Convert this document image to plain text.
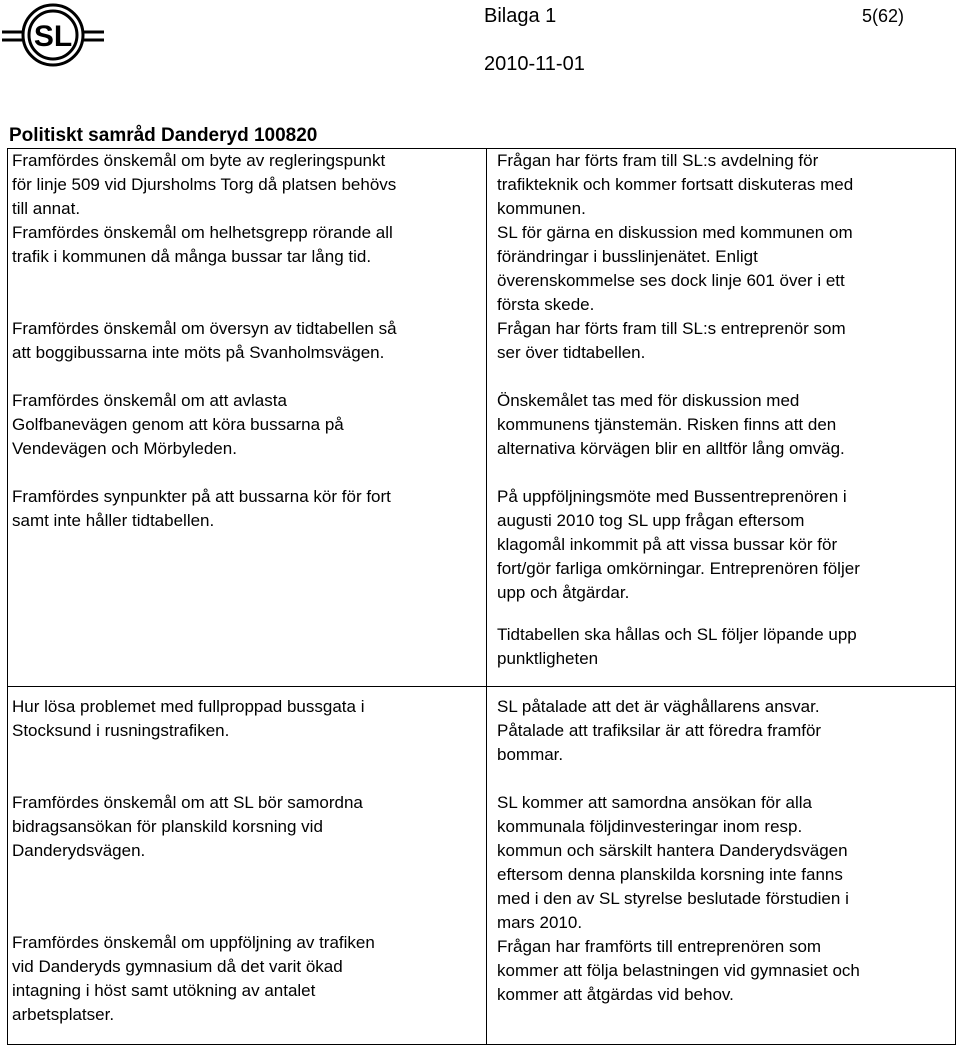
SL
Bilaga 1	5(62)
2010-11-01
Politiskt samråd Danderyd 100820
Framfördes önskemål om byte av regleringspunkt
för linje 509 vid Djursholms Torg då platsen behövs
till annat.
Framfördes önskemål om helhetsgrepp rörande all
trafik i kommunen då många bussar tar lång tid.
Framfördes önskemål om översyn av tidtabellen så
att boggibussarna inte möts på Svanholmsvägen.
Framfördes önskemål om att avlasta
Golfbanevägen genom att köra bussarna på
Vendevägen och Mörbyleden.
Framfördes synpunkter på att bussarna kör för fort
samt inte håller tidtabellen.
Frågan har förts fram till SL:s avdelning för
trafikteknik och kommer fortsatt diskuteras med
kommunen.
SL för gärna en diskussion med kommunen om
förändringar i busslinjenätet. Enligt
överenskommelse ses dock linje 601 över i ett
första skede.
Frågan har förts fram till SL:s entreprenör som
ser över tidtabellen.
Önskemålet tas med för diskussion med
kommunens tjänstemän. Risken finns att den
alternativa körvägen blir en alltför lång omväg.
På uppföljningsmöte med Bussentreprenören i
augusti 2010 tog SL upp frågan eftersom
klagomål inkommit på att vissa bussar kör för
fort/gör farliga omkörningar. Entreprenören följer
upp och åtgärdar.
Tidtabellen ska hållas och SL följer löpande upp
punktligheten
Hur lösa problemet med fullproppad bussgata i
Stocksund i rusningstrafiken.
Framfördes önskemål om att SL bör samordna
bidragsansökan för planskild korsning vid
Danderydsvägen.
Framfördes önskemål om uppföljning av trafiken
vid Danderyds gymnasium då det varit ökad
intagning i höst samt utökning av antalet
arbetsplatser.
SL påtalade att det är väghållarens ansvar.
Påtalade att trafiksilar är att föredra framför
bommar.
SL kommer att samordna ansökan för alla
kommunala följdinvesteringar inom resp.
kommun och särskilt hantera Danderydsvägen
eftersom denna planskilda korsning inte fanns
med i den av SL styrelse beslutade förstudien i
mars 2010.
Frågan har framförts till entreprenören som
kommer att följa belastningen vid gymnasiet och
kommer att åtgärdas vid behov.
